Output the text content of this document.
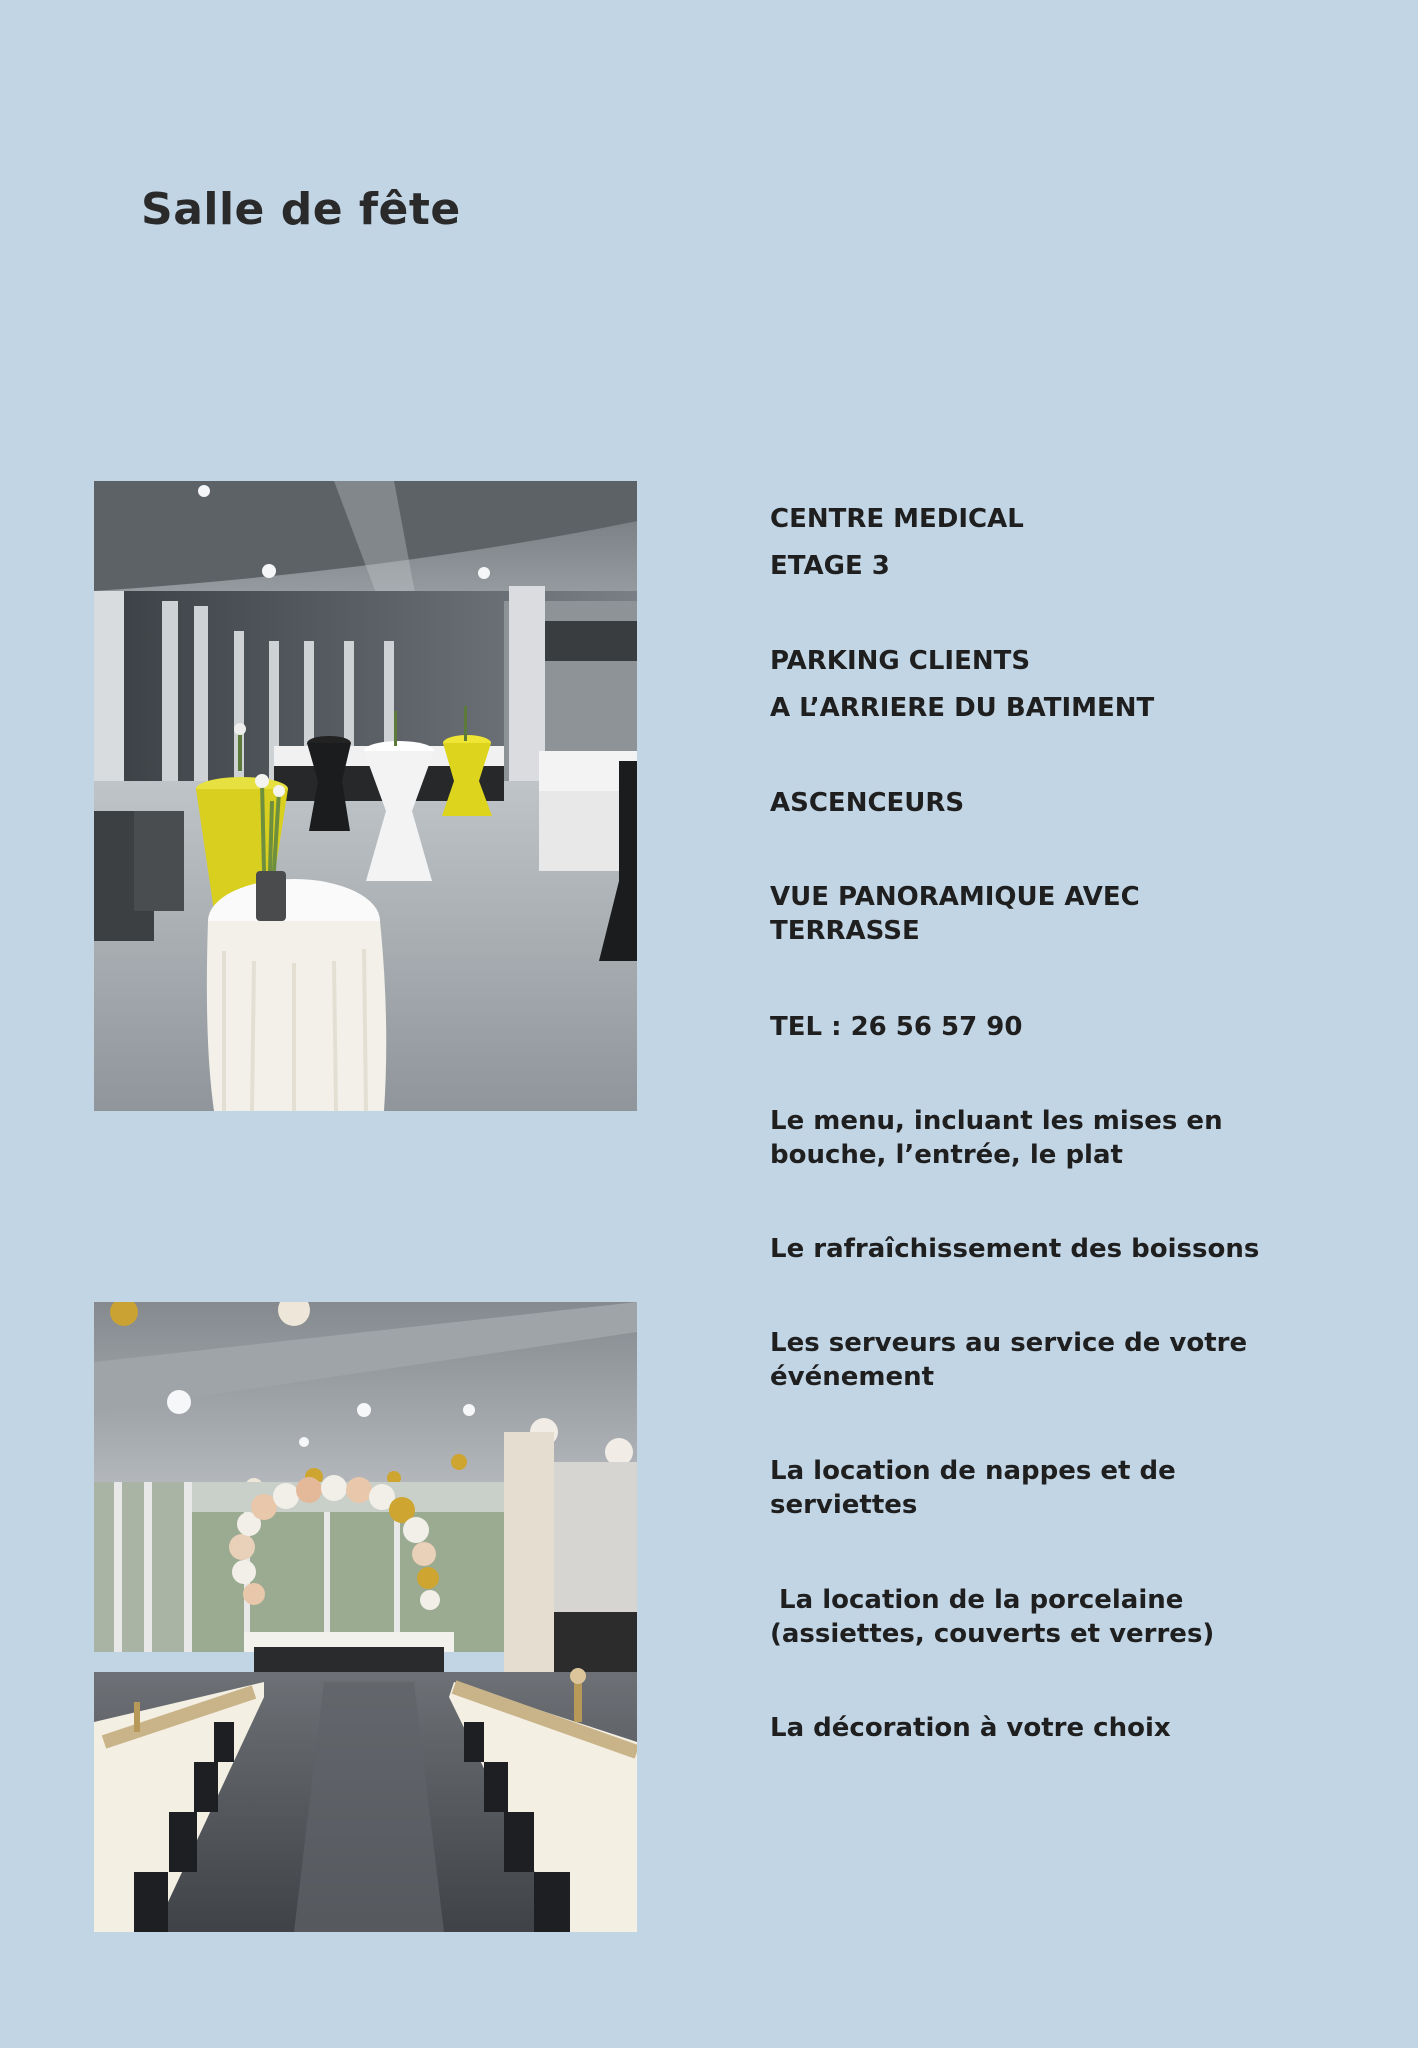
Salle de fête

CENTRE MEDICAL
ETAGE 3

PARKING CLIENTS
A L’ARRIERE DU BATIMENT

ASCENCEURS

VUE PANORAMIQUE AVEC
TERRASSE

TEL : 26 56 57 90

Le menu, incluant les mises en
bouche, l’entrée, le plat

Le rafraîchissement des boissons

Les serveurs au service de votre
événement

La location de nappes et de
serviettes

La location de la porcelaine
(assiettes, couverts et verres)

La décoration à votre choix
